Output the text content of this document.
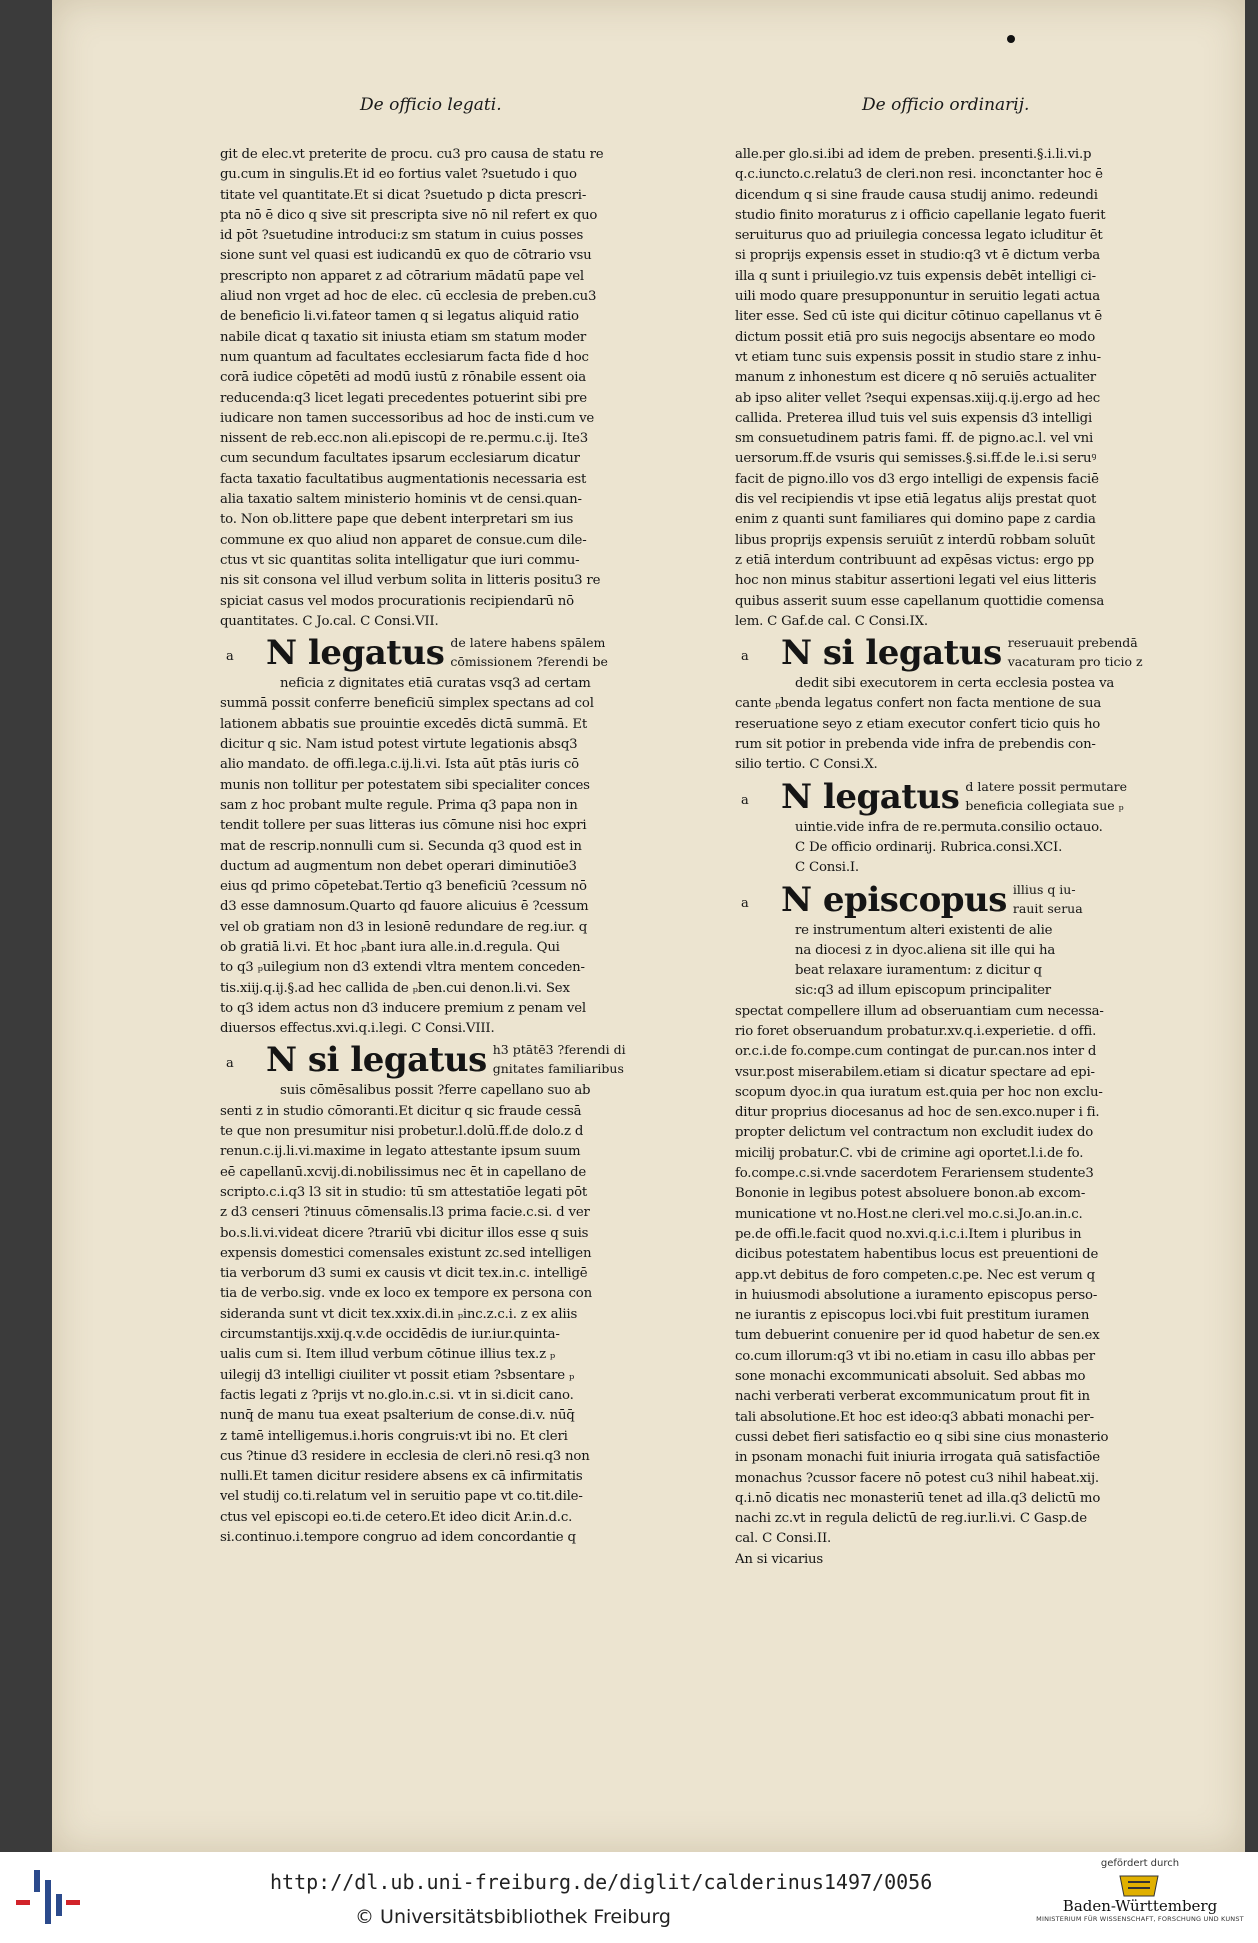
De officio legati.	De officio ordinarij.
git de elec.vt preterite de procu. cu3 pro causa de statu re
gu.cum in singulis.Et id eo fortius valet ?suetudo i quo
titate vel quantitate.Et si dicat ?suetudo p dicta prescri-
pta nō ē dico q sive sit prescripta sive nō nil refert ex quo
id pōt ?suetudine introduci:z sm statum in cuius posses
sione sunt vel quasi est iudicandū ex quo de cōtrario vsu
prescripto non apparet z ad cōtrarium mādatū pape vel
aliud non vrget ad hoc de elec. cū ecclesia de preben.cu3
de beneficio li.vi.fateor tamen q si legatus aliquid ratio
nabile dicat q taxatio sit iniusta etiam sm statum moder
num quantum ad facultates ecclesiarum facta fide d hoc
corā iudice cōpetēti ad modū iustū z rōnabile essent oia
reducenda:q3 licet legati precedentes potuerint sibi pre
iudicare non tamen successoribus ad hoc de insti.cum ve
nissent de reb.ecc.non ali.episcopi de re.permu.c.ij. Ite3
cum secundum facultates ipsarum ecclesiarum dicatur
facta taxatio facultatibus augmentationis necessaria est
alia taxatio saltem ministerio hominis vt de censi.quan-
to. Non ob.littere pape que debent interpretari sm ius
commune ex quo aliud non apparet de consue.cum dile-
ctus vt sic quantitas solita intelligatur que iuri commu-
nis sit consona vel illud verbum solita in litteris positu3 re
spiciat casus vel modos procurationis recipiendarū nō
quantitates. C Jo.cal. C Consi.VII.
a N legatus de latere habens spālem
cōmissionem ?ferendi be
neficia z dignitates etiā curatas vsq3 ad certam
summā possit conferre beneficiū simplex spectans ad col
lationem abbatis sue prouintie excedēs dictā summā. Et
dicitur q sic. Nam istud potest virtute legationis absq3
alio mandato. de offi.lega.c.ij.li.vi. Ista aūt ptās iuris cō
munis non tollitur per potestatem sibi specialiter conces
sam z hoc probant multe regule. Prima q3 papa non in
tendit tollere per suas litteras ius cōmune nisi hoc expri
mat de rescrip.nonnulli cum si. Secunda q3 quod est in
ductum ad augmentum non debet operari diminutiōe3
eius qd primo cōpetebat.Tertio q3 beneficiū ?cessum nō
d3 esse damnosum.Quarto qd fauore alicuius ē ?cessum
vel ob gratiam non d3 in lesionē redundare de reg.iur. q
ob gratiā li.vi. Et hoc ₚbant iura alle.in.d.regula. Qui
to q3 ₚuilegium non d3 extendi vltra mentem conceden-
tis.xiij.q.ij.§.ad hec callida de ₚben.cui denon.li.vi. Sex
to q3 idem actus non d3 inducere premium z penam vel
diuersos effectus.xvi.q.i.legi. C Consi.VIII.
a N si legatus h3 ptātē3 ?ferendi di
gnitates familiaribus
suis cōmēsalibus possit ?ferre capellano suo ab
senti z in studio cōmoranti.Et dicitur q sic fraude cessā
te que non presumitur nisi probetur.l.dolū.ff.de dolo.z d
renun.c.ij.li.vi.maxime in legato attestante ipsum suum
eē capellanū.xcvij.di.nobilissimus nec ēt in capellano de
scripto.c.i.q3 l3 sit in studio: tū sm attestatiōe legati pōt
z d3 censeri ?tinuus cōmensalis.l3 prima facie.c.si. d ver
bo.s.li.vi.videat dicere ?trariū vbi dicitur illos esse q suis
expensis domestici comensales existunt zc.sed intelligen
tia verborum d3 sumi ex causis vt dicit tex.in.c. intelligē
tia de verbo.sig. vnde ex loco ex tempore ex persona con
sideranda sunt vt dicit tex.xxix.di.in ₚinc.z.c.i. z ex aliis
circumstantijs.xxij.q.v.de occidēdis de iur.iur.quinta-
ualis cum si. Item illud verbum cōtinue illius tex.z ₚ
uilegij d3 intelligi ciuiliter vt possit etiam ?sbsentare ₚ
factis legati z ?prijs vt no.glo.in.c.si. vt in si.dicit cano.
nunq̄ de manu tua exeat psalterium de conse.di.v. nūq̄
z tamē intelligemus.i.horis congruis:vt ibi no. Et cleri
cus ?tinue d3 residere in ecclesia de cleri.nō resi.q3 non
nulli.Et tamen dicitur residere absens ex cā infirmitatis
vel studij co.ti.relatum vel in seruitio pape vt co.tit.dile-
ctus vel episcopi eo.ti.de cetero.Et ideo dicit Ar.in.d.c.
si.continuo.i.tempore congruo ad idem concordantie q
alle.per glo.si.ibi ad idem de preben. presenti.§.i.li.vi.p
q.c.iuncto.c.relatu3 de cleri.non resi. inconctanter hoc ē
dicendum q si sine fraude causa studij animo. redeundi
studio finito moraturus z i officio capellanie legato fuerit
seruiturus quo ad priuilegia concessa legato icluditur ēt
si proprijs expensis esset in studio:q3 vt ē dictum verba
illa q sunt i priuilegio.vz tuis expensis debēt intelligi ci-
uili modo quare presupponuntur in seruitio legati actua
liter esse. Sed cū iste qui dicitur cōtinuo capellanus vt ē
dictum possit etiā pro suis negocijs absentare eo modo
vt etiam tunc suis expensis possit in studio stare z inhu-
manum z inhonestum est dicere q nō seruiēs actualiter
ab ipso aliter vellet ?sequi expensas.xiij.q.ij.ergo ad hec
callida. Preterea illud tuis vel suis expensis d3 intelligi
sm consuetudinem patris fami. ff. de pigno.ac.l. vel vni
uersorum.ff.de vsuris qui semisses.§.si.ff.de le.i.si seruꝰ
facit de pigno.illo vos d3 ergo intelligi de expensis faciē
dis vel recipiendis vt ipse etiā legatus alijs prestat quot
enim z quanti sunt familiares qui domino pape z cardia
libus proprijs expensis seruiūt z interdū robbam soluūt
z etiā interdum contribuunt ad expēsas victus: ergo pp
hoc non minus stabitur assertioni legati vel eius litteris
quibus asserit suum esse capellanum quottidie comensa
lem. C Gaf.de cal. C Consi.IX.
a N si legatus reseruauit prebendā
vacaturam pro ticio z
dedit sibi executorem in certa ecclesia postea va
cante ₚbenda legatus confert non facta mentione de sua
reseruatione seyo z etiam executor confert ticio quis ho
rum sit potior in prebenda vide infra de prebendis con-
silio tertio. C Consi.X.
a N legatus d latere possit permutare
beneficia collegiata sue ₚ
uintie.vide infra de re.permuta.consilio octauo.
C De officio ordinarij. Rubrica.consi.XCI.
C Consi.I.
a N episcopus illius q iu-
rauit serua
re instrumentum alteri existenti de alie
na diocesi z in dyoc.aliena sit ille qui ha
beat relaxare iuramentum: z dicitur q
sic:q3 ad illum episcopum principaliter
spectat compellere illum ad obseruantiam cum necessa-
rio foret obseruandum probatur.xv.q.i.experietie. d offi.
or.c.i.de fo.compe.cum contingat de pur.can.nos inter d
vsur.post miserabilem.etiam si dicatur spectare ad epi-
scopum dyoc.in qua iuratum est.quia per hoc non exclu-
ditur proprius diocesanus ad hoc de sen.exco.nuper i fi.
propter delictum vel contractum non excludit iudex do
micilij probatur.C. vbi de crimine agi oportet.l.i.de fo.
fo.compe.c.si.vnde sacerdotem Ferariensem studente3
Bononie in legibus potest absoluere bonon.ab excom-
municatione vt no.Host.ne cleri.vel mo.c.si.Jo.an.in.c.
pe.de offi.le.facit quod no.xvi.q.i.c.i.Item i pluribus in
dicibus potestatem habentibus locus est preuentioni de
app.vt debitus de foro competen.c.pe. Nec est verum q
in huiusmodi absolutione a iuramento episcopus perso-
ne iurantis z episcopus loci.vbi fuit prestitum iuramen
tum debuerint conuenire per id quod habetur de sen.ex
co.cum illorum:q3 vt ibi no.etiam in casu illo abbas per
sone monachi excommunicati absoluit. Sed abbas mo
nachi verberati verberat excommunicatum prout fit in
tali absolutione.Et hoc est ideo:q3 abbati monachi per-
cussi debet fieri satisfactio eo q sibi sine cius monasterio
in psonam monachi fuit iniuria irrogata quā satisfactiōe
monachus ?cussor facere nō potest cu3 nihil habeat.xij.
q.i.nō dicatis nec monasteriū tenet ad illa.q3 delictū mo
nachi zc.vt in regula delictū de reg.iur.li.vi. C Gasp.de
cal. C Consi.II.
An si vicarius
http://dl.ub.uni-freiburg.de/diglit/calderinus1497/0056
© Universitätsbibliothek Freiburg
gefördert durch
Baden-Württemberg
MINISTERIUM FÜR WISSENSCHAFT, FORSCHUNG UND KUNST
